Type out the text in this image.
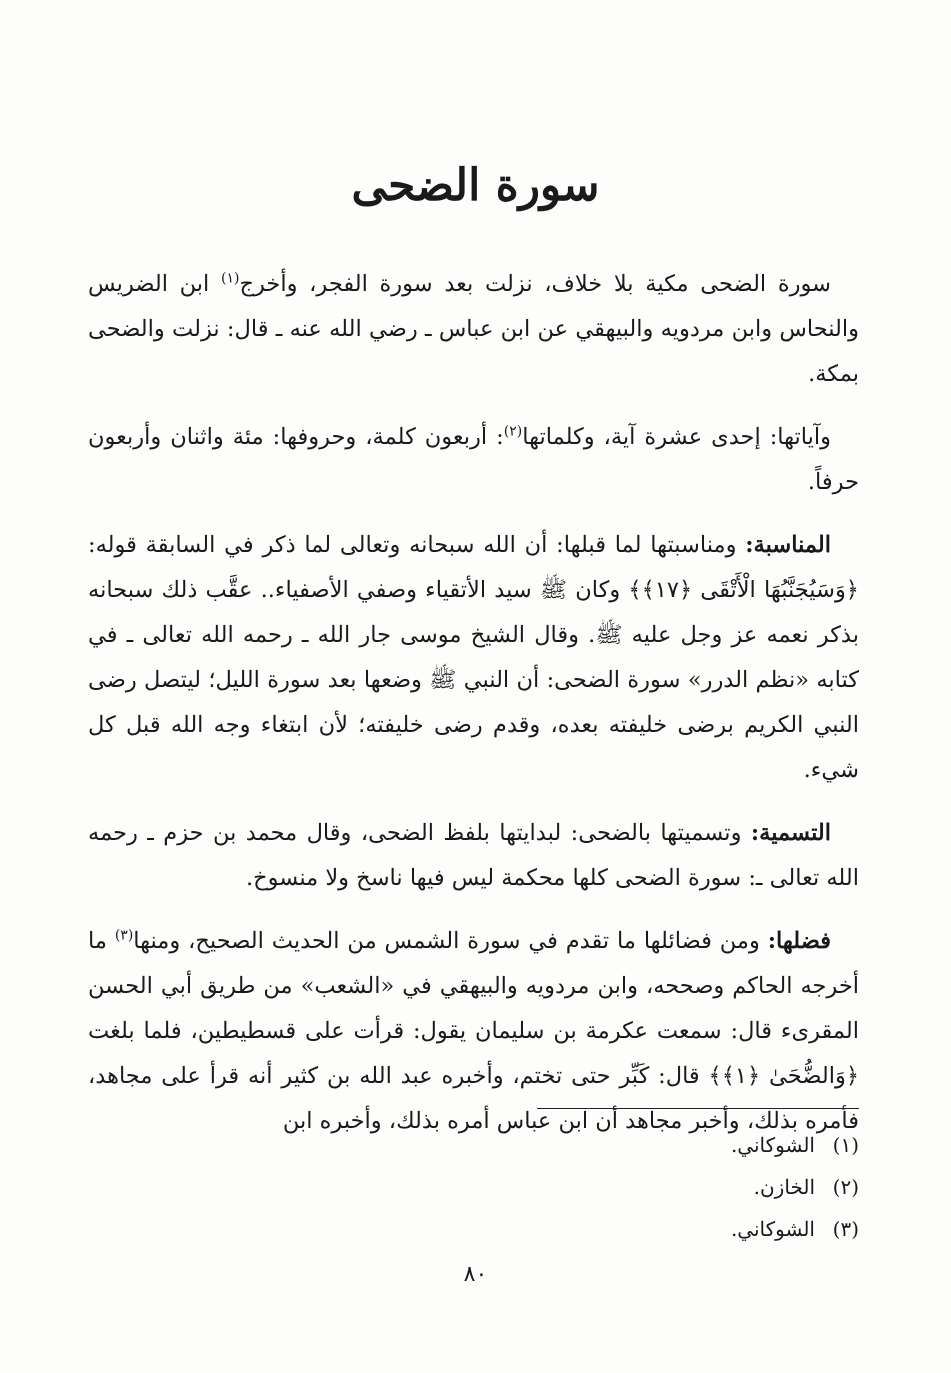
سورة الضحى

سورة الضحى مكية بلا خلاف، نزلت بعد سورة الفجر، وأخرج$^{(١)}$ ابن الضريس والنحاس وابن مردويه والبيهقي عن ابن عباس ـ رضي الله عنه ـ قال: نزلت والضحى بمكة.

وآياتها: إحدى عشرة آية، وكلماتها$^{(٢)}$: أربعون كلمة، وحروفها: مئة واثنان وأربعون حرفاً.

المناسبة: ومناسبتها لما قبلها: أن الله سبحانه وتعالى لما ذكر في السابقة قوله: ﴿وَسَيُجَنَّبُهَا الْأَتْقَى ﴿١٧﴾﴾ وكان ﷺ سيد الأتقياء وصفي الأصفياء.. عقَّب ذلك سبحانه بذكر نعمه عز وجل عليه ﷺ. وقال الشيخ موسى جار الله ـ رحمه الله تعالى ـ في كتابه «نظم الدرر» سورة الضحى: أن النبي ﷺ وضعها بعد سورة الليل؛ ليتصل رضى النبي الكريم برضى خليفته بعده، وقدم رضى خليفته؛ لأن ابتغاء وجه الله قبل كل شيء.

التسمية: وتسميتها بالضحى: لبدايتها بلفظ الضحى، وقال محمد بن حزم ـ رحمه الله تعالى ـ: سورة الضحى كلها محكمة ليس فيها ناسخ ولا منسوخ.

فضلها: ومن فضائلها ما تقدم في سورة الشمس من الحديث الصحيح، ومنها$^{(٣)}$ ما أخرجه الحاكم وصححه، وابن مردويه والبيهقي في «الشعب» من طريق أبي الحسن المقرىء قال: سمعت عكرمة بن سليمان يقول: قرأت على قسطيطين، فلما بلغت ﴿وَالضُّحَىٰ ﴿١﴾﴾ قال: كَبِّر حتى تختم، وأخبره عبد الله بن كثير أنه قرأ على مجاهد، فأمره بذلك، وأخبر مجاهد أن ابن عباس أمره بذلك، وأخبره ابن

(١)الشوكاني.
(٢)الخازن.
(٣)الشوكاني.
٨٠
